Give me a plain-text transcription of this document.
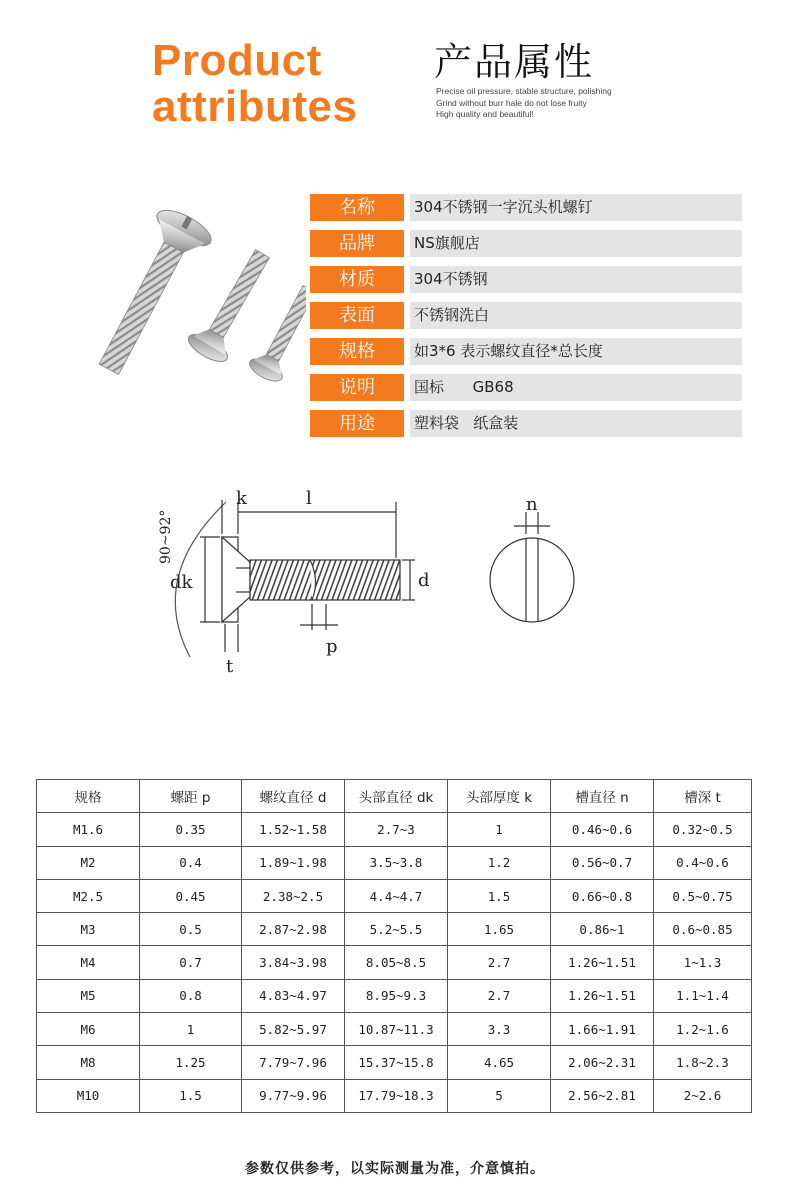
Product
attributes
产品属性
Precise oil pressure, stable structure, polishing
Grind without burr hale do not lose fruity
High quality and beautiful!
名称	304不锈钢一字沉头机螺钉
品牌	NS旗舰店
材质	304不锈钢
表面	不锈钢洗白
规格	如3*6 表示螺纹直径*总长度
说明	国标      GB68
用途	塑料袋   纸盒装
k	l
90~92°
dk	d
p
t
n
规格	螺距 p	螺纹直径 d	头部直径 dk	头部厚度 k	槽直径 n	槽深 t
M1.6	0.35	1.52~1.58	2.7~3	1	0.46~0.6	0.32~0.5
M2	0.4	1.89~1.98	3.5~3.8	1.2	0.56~0.7	0.4~0.6
M2.5	0.45	2.38~2.5	4.4~4.7	1.5	0.66~0.8	0.5~0.75
M3	0.5	2.87~2.98	5.2~5.5	1.65	0.86~1	0.6~0.85
M4	0.7	3.84~3.98	8.05~8.5	2.7	1.26~1.51	1~1.3
M5	0.8	4.83~4.97	8.95~9.3	2.7	1.26~1.51	1.1~1.4
M6	1	5.82~5.97	10.87~11.3	3.3	1.66~1.91	1.2~1.6
M8	1.25	7.79~7.96	15.37~15.8	4.65	2.06~2.31	1.8~2.3
M10	1.5	9.77~9.96	17.79~18.3	5	2.56~2.81	2~2.6
参数仅供参考，以实际测量为准，介意慎拍。
